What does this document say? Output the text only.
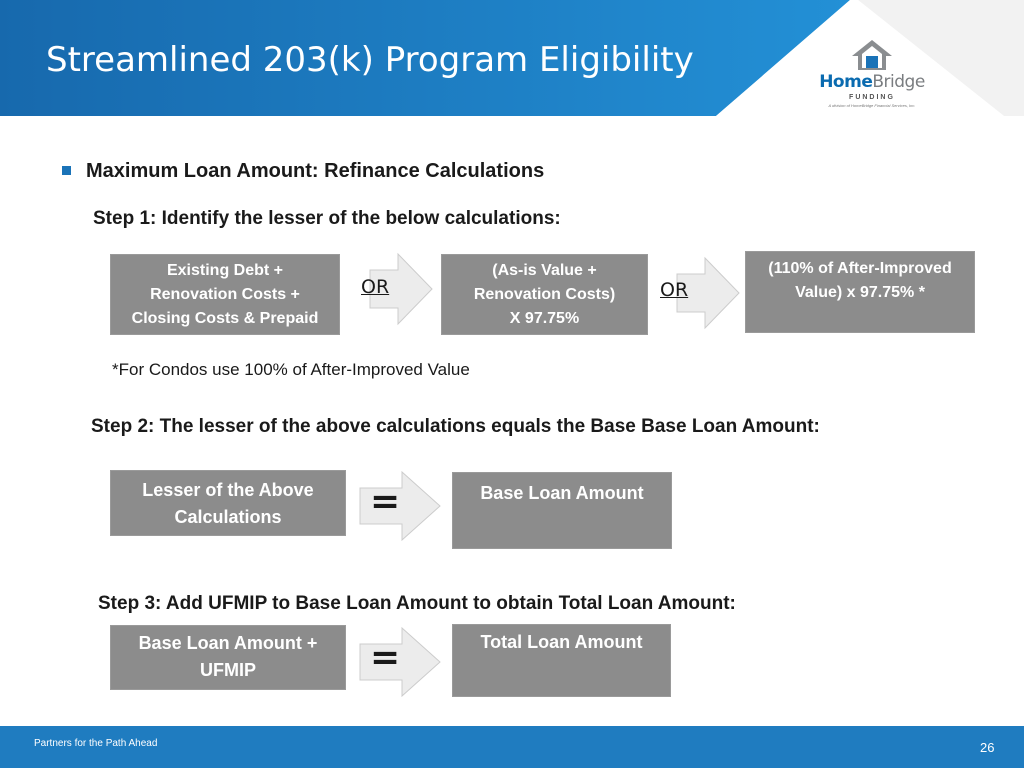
Streamlined 203(k) Program Eligibility
HomeBridge
FUNDING
A division of HomeBridge Financial Services, Inc.
Maximum Loan Amount: Refinance Calculations
Step 1: Identify the lesser of the below calculations:
Existing Debt +
Renovation Costs +
Closing Costs & Prepaid
OR
(As-is Value +
Renovation Costs)
X 97.75%
OR
(110% of After-Improved
Value) x 97.75% *
*For Condos use 100% of After-Improved Value
Step 2: The lesser of the above calculations equals the Base Base Loan Amount:
Lesser of the Above
Calculations	=	Base Loan Amount
Step 3: Add UFMIP to Base Loan Amount to obtain Total Loan Amount:
Base Loan Amount +
UFMIP	=	Total Loan Amount
Partners for the Path Ahead	26
